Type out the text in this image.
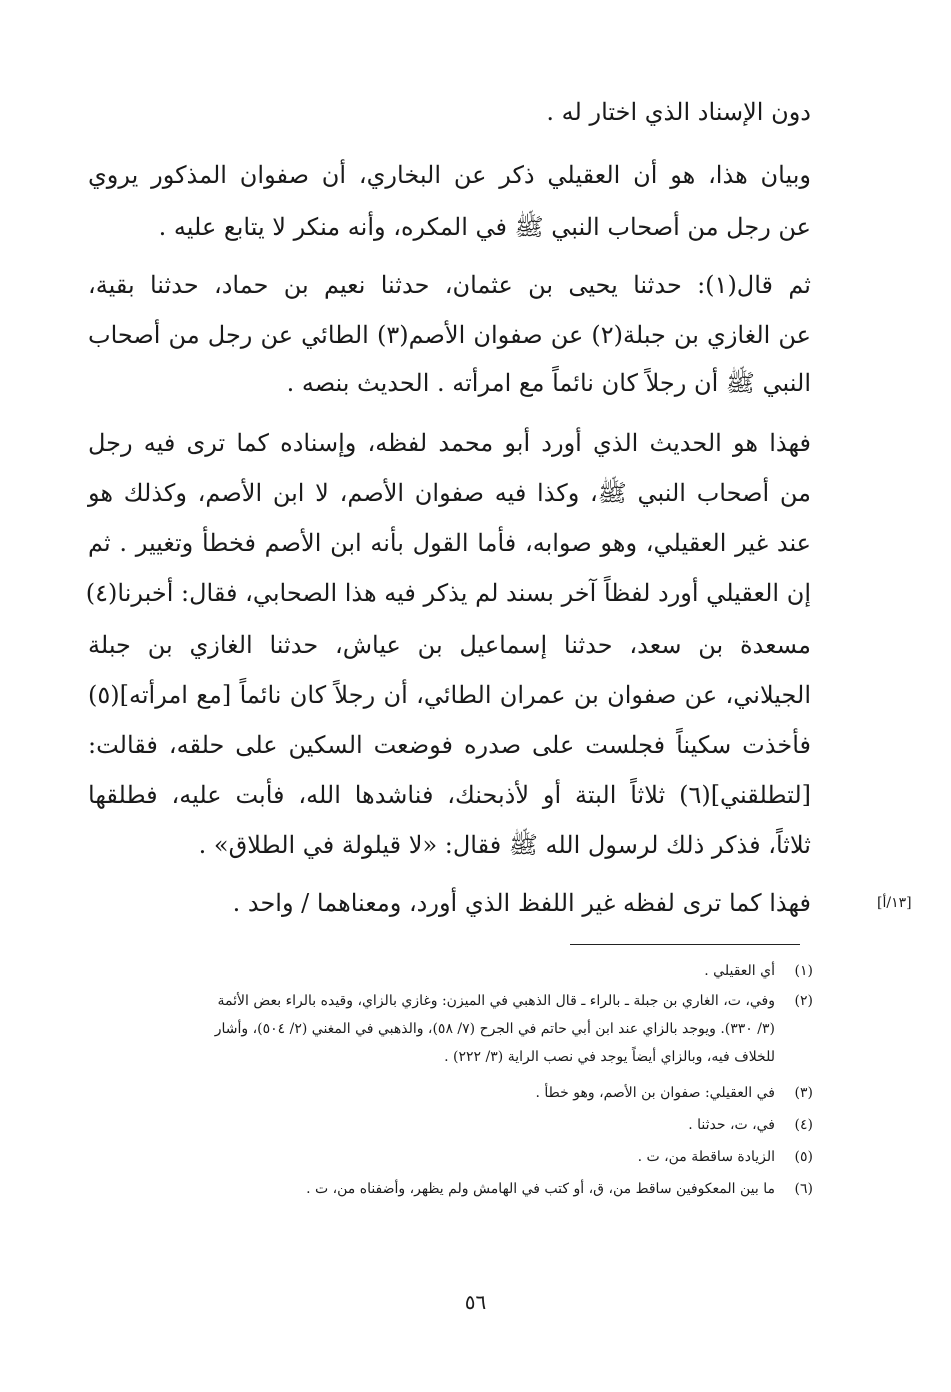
دون الإسناد الذي اختار له .
وبيان هذا، هو أن العقيلي ذكر عن البخاري، أن صفوان المذكور يروي
عن رجل من أصحاب النبي ﷺ في المكره، وأنه منكر لا يتابع عليه .
ثم قال(١): حدثنا يحيى بن عثمان، حدثنا نعيم بن حماد، حدثنا بقية،
عن الغازي بن جبلة(٢) عن صفوان الأصم(٣) الطائي عن رجل من أصحاب
النبي ﷺ أن رجلاً كان نائماً مع امرأته . الحديث بنصه .
فهذا هو الحديث الذي أورد أبو محمد لفظه، وإسناده كما ترى فيه رجل
من أصحاب النبي ﷺ، وكذا فيه صفوان الأصم، لا ابن الأصم، وكذلك هو
عند غير العقيلي، وهو صوابه، فأما القول بأنه ابن الأصم فخطأ وتغيير . ثم
إن العقيلي أورد لفظاً آخر بسند لم يذكر فيه هذا الصحابي، فقال: أخبرنا(٤)
مسعدة بن سعد، حدثنا إسماعيل بن عياش، حدثنا الغازي بن جبلة
الجيلاني، عن صفوان بن عمران الطائي، أن رجلاً كان نائماً [مع امرأته](٥)
فأخذت سكيناً فجلست على صدره فوضعت السكين على حلقه، فقالت:
[لتطلقني](٦) ثلاثاً البتة أو لأذبحنك، فناشدها الله، فأبت عليه، فطلقها
ثلاثاً، فذكر ذلك لرسول الله ﷺ فقال: «لا قيلولة في الطلاق» .
فهذا كما ترى لفظه غير اللفظ الذي أورد، ومعناهما / واحد .	[١٣/أ]
(١)أي العقيلي .
(٢)وفي، ت، الغاري بن جبلة ـ بالراء ـ قال الذهبي في الميزن: وغازي بالزاي، وقيده بالراء بعض الأئمة
(٣/ ٣٣٠). ويوجد بالزاي عند ابن أبي حاتم في الجرح (٧/ ٥٨)، والذهبي في المغني (٢/ ٥٠٤)، وأشار
للخلاف فيه، وبالزاي أيضاً يوجد في نصب الراية (٣/ ٢٢٢) .
(٣)في العقيلي: صفوان بن الأصم، وهو خطأ .
(٤)في، ت، حدثنا .
(٥)الزيادة ساقطة من، ت .
(٦)ما بين المعكوفين ساقط من، ق، أو كتب في الهامش ولم يظهر، وأضفناه من، ت .
٥٦
